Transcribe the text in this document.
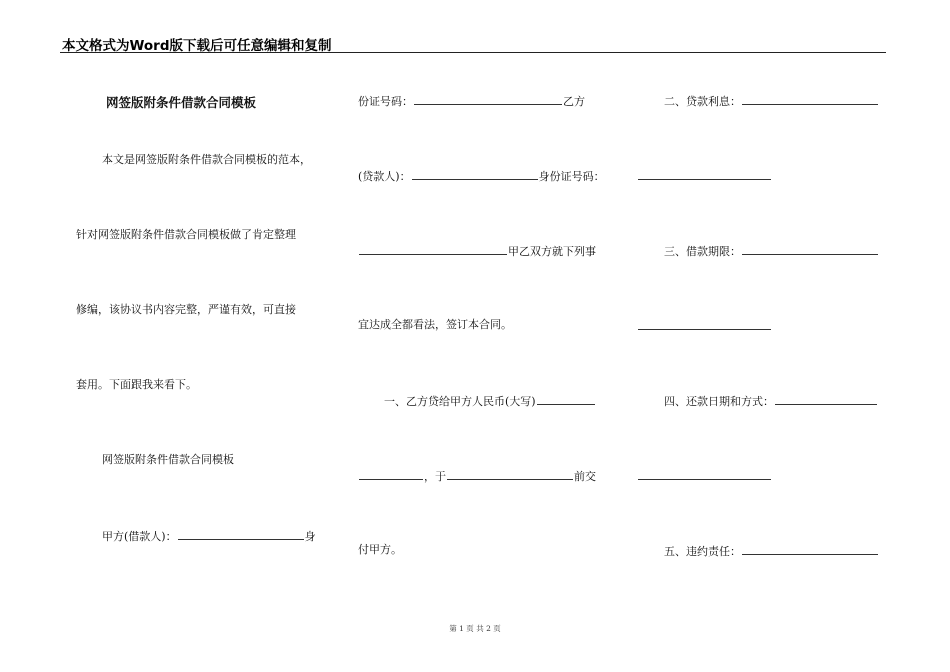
本文格式为Word版下载后可任意编辑和复制
网签版附条件借款合同模板
本文是网签版附条件借款合同模板的范本，
针对网签版附条件借款合同模板做了肯定整理
修编，该协议书内容完整，严谨有效，可直接
套用。下面跟我来看下。
网签版附条件借款合同模板
甲方(借款人)：	身
份证号码：	乙方
(贷款人)：	身份证号码：
甲乙双方就下列事
宜达成全都看法，签订本合同。
一、乙方贷给甲方人民币(大写)
，于	前交
付甲方。
二、贷款利息：
三、借款期限：
四、还款日期和方式：
五、违约责任：
第 1 页 共 2 页
